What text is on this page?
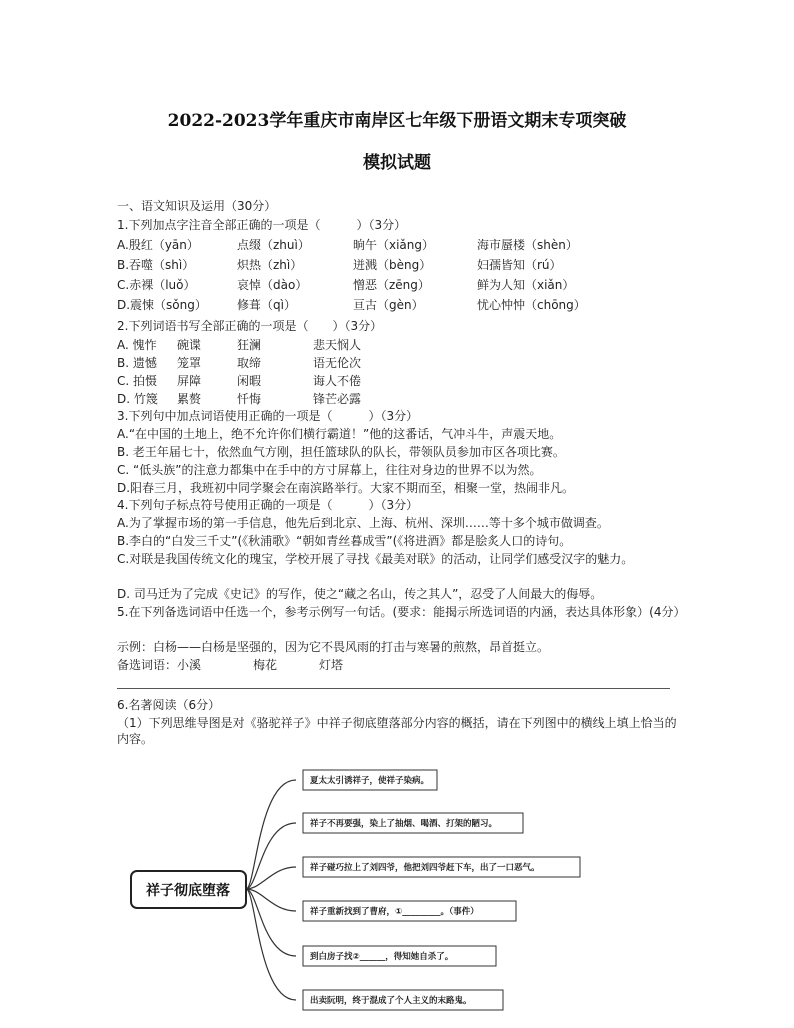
2022-2023学年重庆市南岸区七年级下册语文期末专项突破
模拟试题
一、语文知识及运用（30分）
1.下列加点字注音全部正确的一项是（　　　）（3分）
A.殷红（yān）	点缀（zhuì）	晌午（xiǎng）	海市蜃楼（shèn）
B.吞噬（shì）	炽热（zhì）	迸溅（bèng）	妇孺皆知（rú）
C.赤裸（luǒ）	哀悼（dào）	憎恶（zēng）	鲜为人知（xiǎn）
D.震悚（sǒng）	修葺（qì）	亘古（gèn）	忧心忡忡（chōng）
2.下列词语书写全部正确的一项是（　　）（3分）
A. 愧怍	碗谍	狂澜	悲天悯人
B. 遗憾	笼罩	取缔	语无伦次
C. 拍慑	屏障	闲暇	诲人不倦
D. 竹篾	累赘	忏悔	锋芒必露
3.下列句中加点词语使用正确的一项是（　　　）（3分）
A.“在中国的土地上，绝不允许你们横行霸道！”他的这番话，气冲斗牛，声震天地。
B. 老王年届七十，依然血气方刚，担任篮球队的队长，带领队员参加市区各项比赛。
C. “低头族”的注意力都集中在手中的方寸屏幕上，往往对身边的世界不以为然。
D.阳春三月，我班初中同学聚会在南滨路举行。大家不期而至，相聚一堂，热闹非凡。
4.下列句子标点符号使用正确的一项是（　　　）（3分）
A.为了掌握市场的第一手信息，他先后到北京、上海、杭州、深圳……等十多个城市做调查。
B.李白的“白发三千丈”(《秋浦歌》“朝如青丝暮成雪”(《将进酒》都是脍炙人口的诗句。
C.对联是我国传统文化的瑰宝，学校开展了寻找《最美对联》的活动，让同学们感受汉字的魅力。
D. 司马迁为了完成《史记》的写作，使之“藏之名山，传之其人”，忍受了人间最大的侮辱。
5.在下列备选词语中任选一个，参考示例写一句话。(要求：能揭示所选词语的内涵，表达具体形象）(4分）
示例：白杨——白杨是坚强的，因为它不畏风雨的打击与寒暑的煎熬，昂首挺立。
备选词语：小溪	梅花	灯塔
6.名著阅读（6分）
（1）下列思维导图是对《骆驼祥子》中祥子彻底堕落部分内容的概括，请在下列图中的横线上填上恰当的内容。
祥子彻底堕落
夏太太引诱祥子，使祥子染病。
祥子不再要强，染上了抽烟、喝酒、打架的陋习。
祥子碰巧拉上了刘四爷，他把刘四爷赶下车，出了一口恶气。
祥子重新找到了曹府，①_________。（事件）
到白房子找②______，得知她自杀了。
出卖阮明，终于混成了个人主义的末路鬼。
